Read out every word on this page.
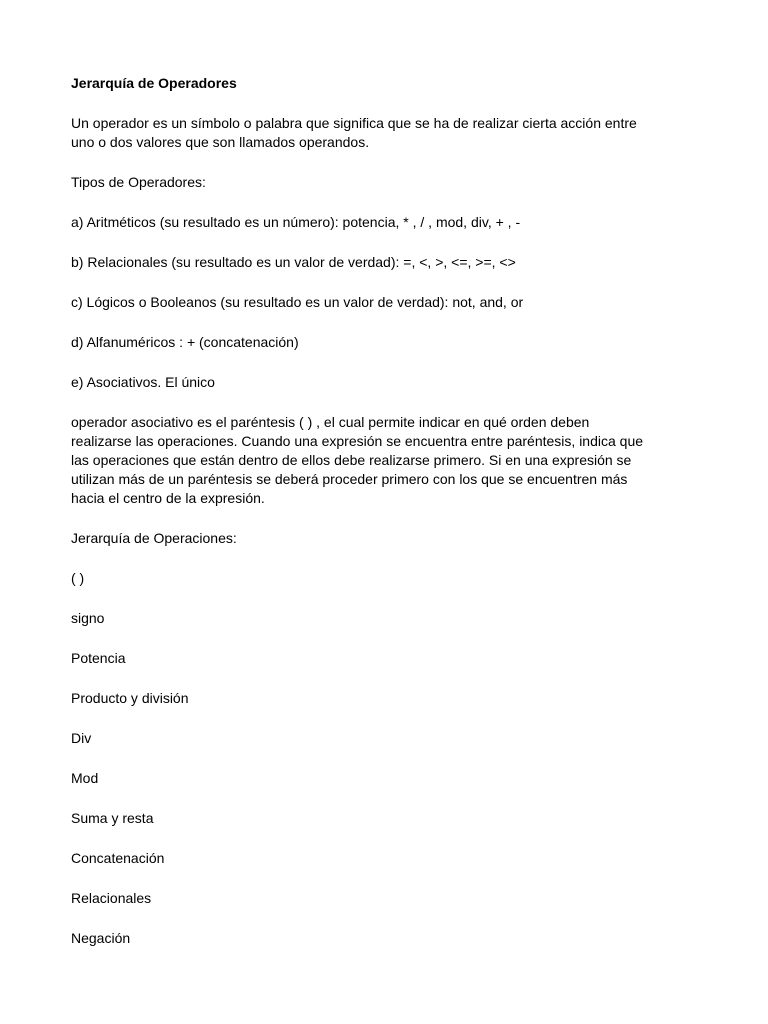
Jerarquía de Operadores

Un operador es un símbolo o palabra que significa que se ha de realizar cierta acción entre
uno o dos valores que son llamados operandos.

Tipos de Operadores:

a) Aritméticos (su resultado es un número): potencia, * , / , mod, div, + , -

b) Relacionales (su resultado es un valor de verdad): =, <, >, <=, >=, <>

c) Lógicos o Booleanos (su resultado es un valor de verdad): not, and, or

d) Alfanuméricos : + (concatenación)

e) Asociativos. El único

operador asociativo es el paréntesis ( ) , el cual permite indicar en qué orden deben
realizarse las operaciones. Cuando una expresión se encuentra entre paréntesis, indica que
las operaciones que están dentro de ellos debe realizarse primero. Si en una expresión se
utilizan más de un paréntesis se deberá proceder primero con los que se encuentren más
hacia el centro de la expresión.

Jerarquía de Operaciones:

( )

signo

Potencia

Producto y división

Div

Mod

Suma y resta

Concatenación

Relacionales

Negación
